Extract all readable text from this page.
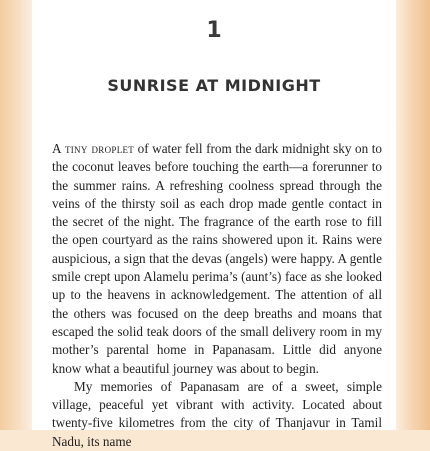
1
SUNRISE AT MIDNIGHT

A tiny droplet of water fell from the dark midnight sky on to the coconut leaves before touching the earth—a forerunner to the summer rains. A refreshing coolness spread through the veins of the thirsty soil as each drop made gentle contact in the secret of the night. The fragrance of the earth rose to fill the open courtyard as the rains showered upon it. Rains were auspicious, a sign that the devas (angels) were happy. A gentle smile crept upon Alamelu perima’s (aunt’s) face as she looked up to the heavens in acknowledgement. The attention of all the others was focused on the deep breaths and moans that escaped the solid teak doors of the small delivery room in my mother’s parental home in Papanasam. Little did anyone know what a beautiful journey was about to begin.

My memories of Papanasam are of a sweet, simple village, peaceful yet vibrant with activity. Located about twenty-five kilometres from the city of Thanjavur in Tamil Nadu, its name
